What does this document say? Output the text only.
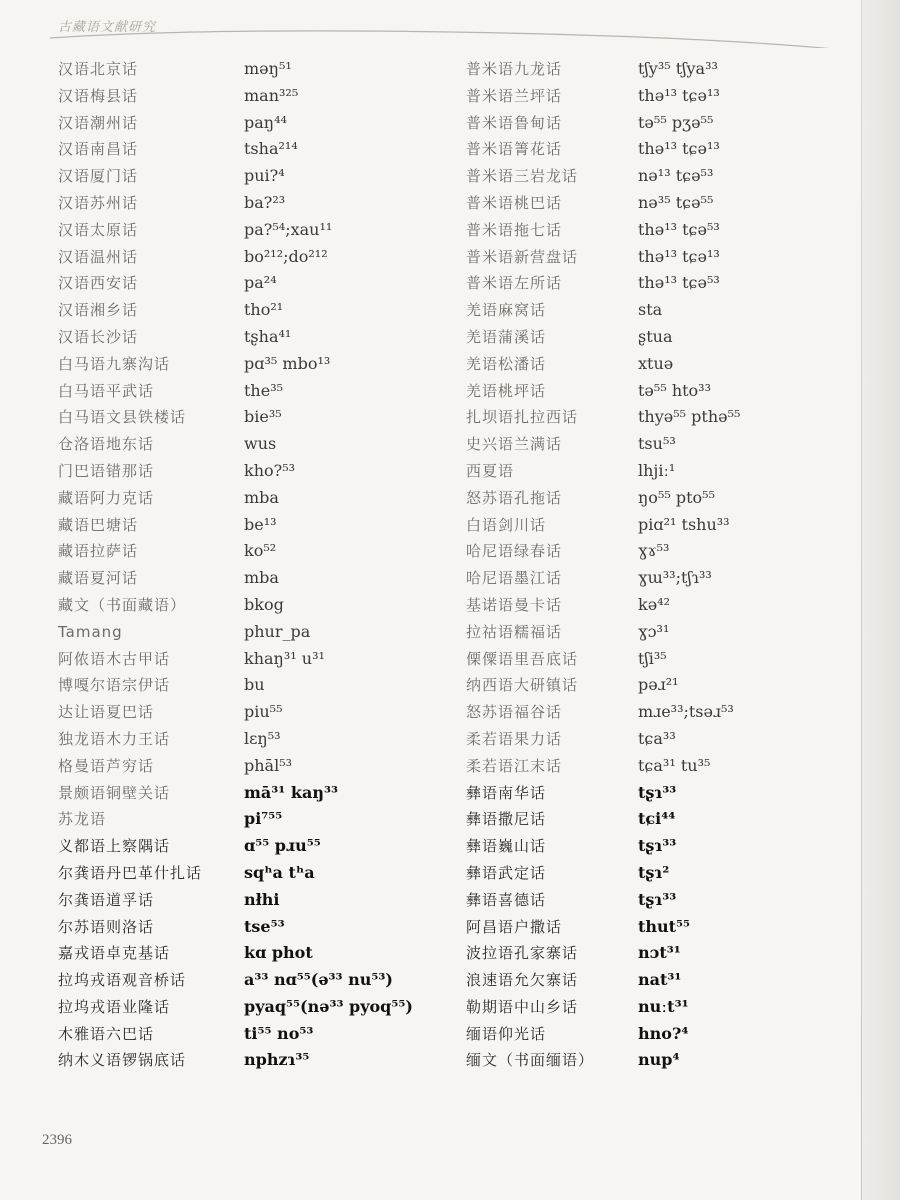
古藏语文献研究
汉语北京话
汉语梅县话
汉语潮州话
汉语南昌话
汉语厦门话
汉语苏州话
汉语太原话
汉语温州话
汉语西安话
汉语湘乡话
汉语长沙话
白马语九寨沟话
白马语平武话
白马语文县铁楼话
仓洛语地东话
门巴语错那话
藏语阿力克话
藏语巴塘话
藏语拉萨话
藏语夏河话
藏文（书面藏语）
Tamang
阿侬语木古甲话
博嘎尔语宗伊话
达让语夏巴话
独龙语木力王话
格曼语芦穷话
景颇语铜壁关话
苏龙语
义都语上察隅话
尔龚语丹巴革什扎话
尔龚语道孚话
尔苏语则洛话
嘉戎语卓克基话
拉坞戎语观音桥话
拉坞戎语业隆话
木雅语六巴话
纳木义语锣锅底话
məŋ⁵¹
man³²⁵
paŋ⁴⁴
tsha²¹⁴
pui?⁴
ba?²³
pa?⁵⁴;xau¹¹
bo²¹²;do²¹²
pa²⁴
tho²¹
tʂha⁴¹
pɑ³⁵ mbo¹³
the³⁵
bie³⁵
wus
kho?⁵³
mba
be¹³
ko⁵²
mba
bkog
phur_pa
khaŋ³¹ u³¹
bu
piu⁵⁵
lɛŋ⁵³
phāl⁵³
mā³¹ kaŋ³³
pi⁷⁵⁵
ɑ⁵⁵ pɹu⁵⁵
sqʰa tʰa
nłhi
tse⁵³
kɑ phot
a³³ nɑ⁵⁵(ə³³ nu⁵³)
pyaq⁵⁵(nə³³ pyoq⁵⁵)
ti⁵⁵ no⁵³
nphzɿ³⁵
普米语九龙话
普米语兰坪话
普米语鲁甸话
普米语箐花话
普米语三岩龙话
普米语桃巴话
普米语拖七话
普米语新营盘话
普米语左所话
羌语麻窝话
羌语蒲溪话
羌语松潘话
羌语桃坪话
扎坝语扎拉西话
史兴语兰满话
西夏语
怒苏语孔拖话
白语剑川话
哈尼语绿春话
哈尼语墨江话
基诺语曼卡话
拉祜语糯福话
傈僳语里吾底话
纳西语大研镇话
怒苏语福谷话
柔若语果力话
柔若语江末话
彝语南华话
彝语撒尼话
彝语巍山话
彝语武定话
彝语喜德话
阿昌语户撒话
波拉语孔家寨话
浪速语允欠寨话
勒期语中山乡话
缅语仰光话
缅文（书面缅语）
tʃy³⁵ tʃya³³
thə¹³ tɕə¹³
tə⁵⁵ pʒə⁵⁵
thə¹³ tɕə¹³
nə¹³ tɕə⁵³
nə³⁵ tɕə⁵⁵
thə¹³ tɕə⁵³
thə¹³ tɕə¹³
thə¹³ tɕə⁵³
sta
ʂtua
xtuə
tə⁵⁵ hto³³
thyə⁵⁵ pthə⁵⁵
tsu⁵³
lhjiː¹
ŋo⁵⁵ pto⁵⁵
piɑ²¹ tshu³³
ɣɤ⁵³
ɣɯ³³;tʃɿ³³
kə⁴²
ɣɔ³¹
tʃi³⁵
pəɹ²¹
mɹe³³;tsəɹ⁵³
tɕa³³
tɕa³¹ tu³⁵
tʂɿ³³
tɕi⁴⁴
tʂɿ³³
tʂɿ²
tʂɿ³³
thut⁵⁵
nɔt³¹
nat³¹
nuːt³¹
hno?⁴
nup⁴
2396
